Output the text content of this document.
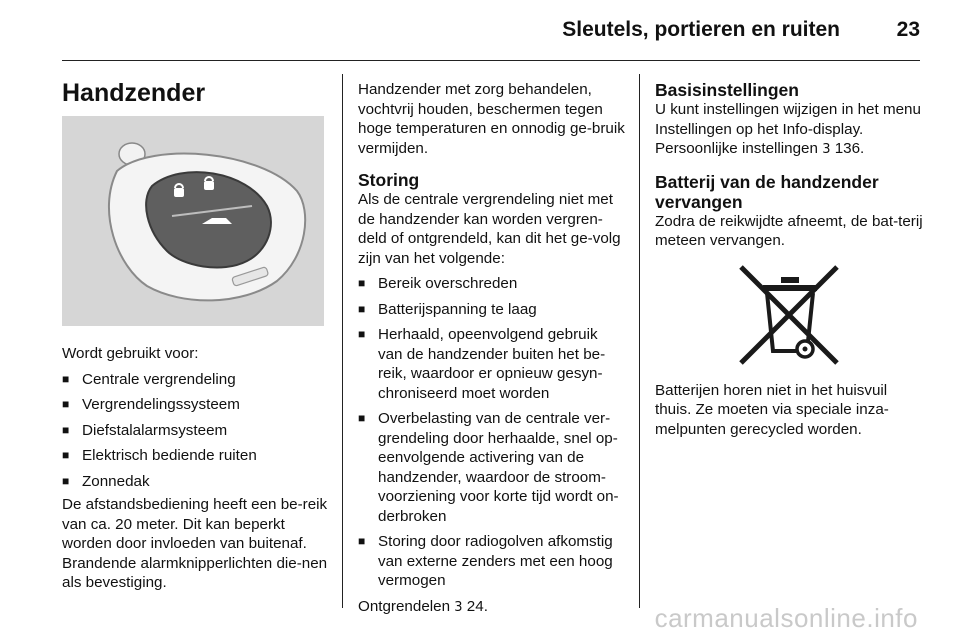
Sleutels, portieren en ruiten	23
Handzender

Wordt gebruikt voor:

■ Centrale vergrendeling
■ Vergrendelingssysteem
■ Diefstalalarmsysteem
■ Elektrisch bediende ruiten
■ Zonnedak

De afstandsbediening heeft een be-reik van ca. 20 meter. Dit kan beperkt worden door invloeden van buitenaf. Brandende alarmknipperlichten die-nen als bevestiging.

Handzender met zorg behandelen, vochtvrij houden, beschermen tegen hoge temperaturen en onnodig ge-bruik vermijden.

Storing

Als de centrale vergrendeling niet met de handzender kan worden vergren-deld of ontgrendeld, kan dit het ge-volg zijn van het volgende:

■ Bereik overschreden
■ Batterijspanning te laag
■ Herhaald, opeenvolgend gebruik van de handzender buiten het be-reik, waardoor er opnieuw gesyn-chroniseerd moet worden
■ Overbelasting van de centrale ver-grendeling door herhaalde, snel op-eenvolgende activering van de handzender, waardoor de stroom-voorziening voor korte tijd wordt on-derbroken
■ Storing door radiogolven afkomstig van externe zenders met een hoog vermogen

Ontgrendelen 3 24.

Basisinstellingen

U kunt instellingen wijzigen in het menu Instellingen op het Info-display.

Persoonlijke instellingen 3 136.

Batterij van de handzender vervangen

Zodra de reikwijdte afneemt, de bat-terij meteen vervangen.

Batterijen horen niet in het huisvuil thuis. Ze moeten via speciale inza-melpunten gerecycled worden.

carmanualsonline.info
